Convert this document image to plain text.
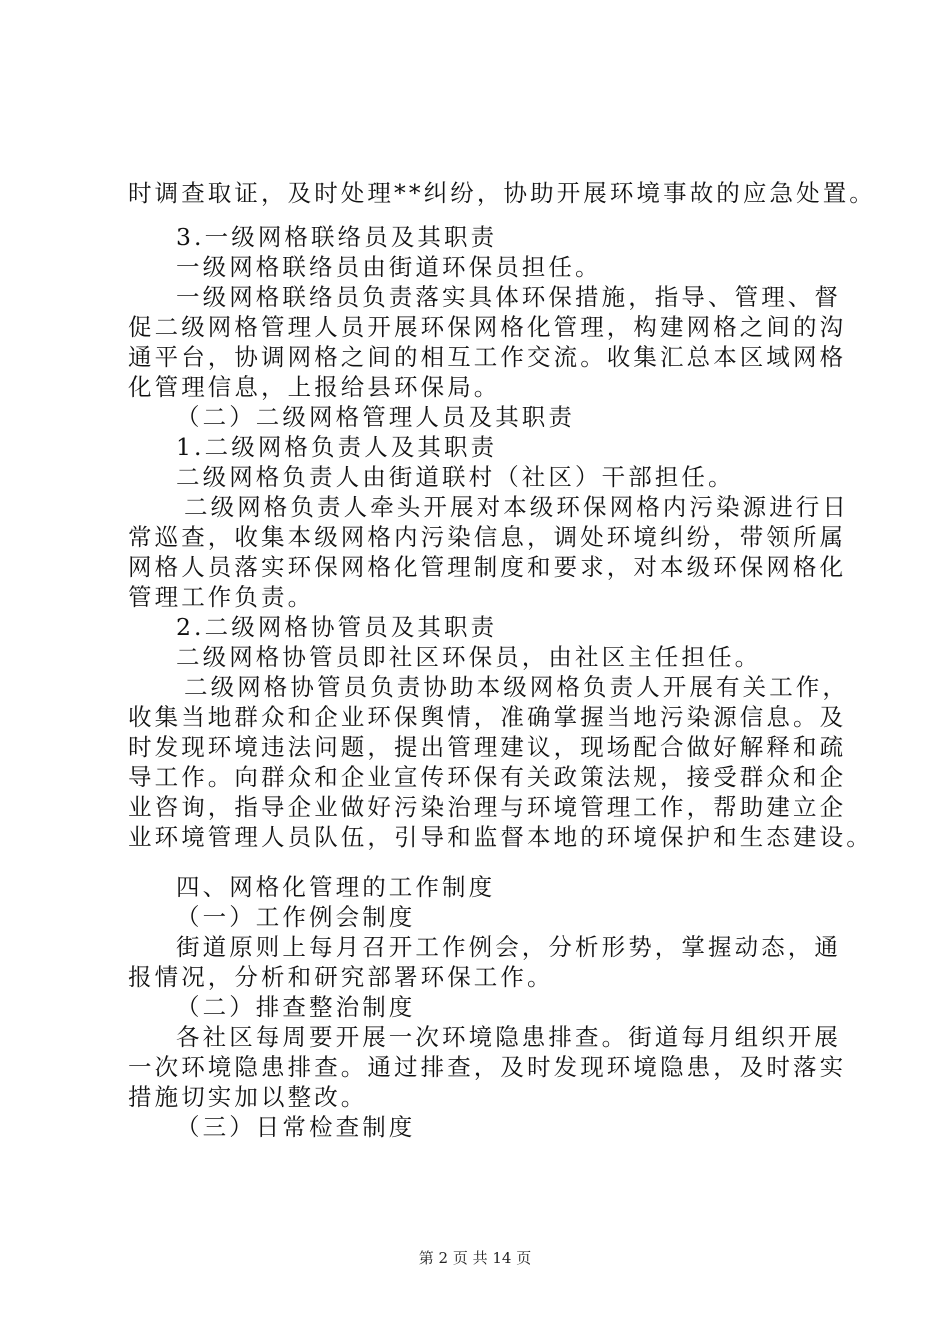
时调查取证，及时处理**纠纷，协助开展环境事故的应急处置。
3.一级网格联络员及其职责
一级网格联络员由街道环保员担任。
一级网格联络员负责落实具体环保措施，指导、管理、督
促二级网格管理人员开展环保网格化管理，构建网格之间的沟
通平台，协调网格之间的相互工作交流。收集汇总本区域网格
化管理信息，上报给县环保局。
（二）二级网格管理人员及其职责
1.二级网格负责人及其职责
二级网格负责人由街道联村（社区）干部担任。
二级网格负责人牵头开展对本级环保网格内污染源进行日
常巡查，收集本级网格内污染信息，调处环境纠纷，带领所属
网格人员落实环保网格化管理制度和要求，对本级环保网格化
管理工作负责。
2.二级网格协管员及其职责
二级网格协管员即社区环保员，由社区主任担任。
二级网格协管员负责协助本级网格负责人开展有关工作，
收集当地群众和企业环保舆情，准确掌握当地污染源信息。及
时发现环境违法问题，提出管理建议，现场配合做好解释和疏
导工作。向群众和企业宣传环保有关政策法规，接受群众和企
业咨询，指导企业做好污染治理与环境管理工作，帮助建立企
业环境管理人员队伍，引导和监督本地的环境保护和生态建设。
四、网格化管理的工作制度
（一）工作例会制度
街道原则上每月召开工作例会，分析形势，掌握动态，通
报情况，分析和研究部署环保工作。
（二）排查整治制度
各社区每周要开展一次环境隐患排查。街道每月组织开展
一次环境隐患排查。通过排查，及时发现环境隐患，及时落实
措施切实加以整改。
（三）日常检查制度
第 2 页 共 14 页
